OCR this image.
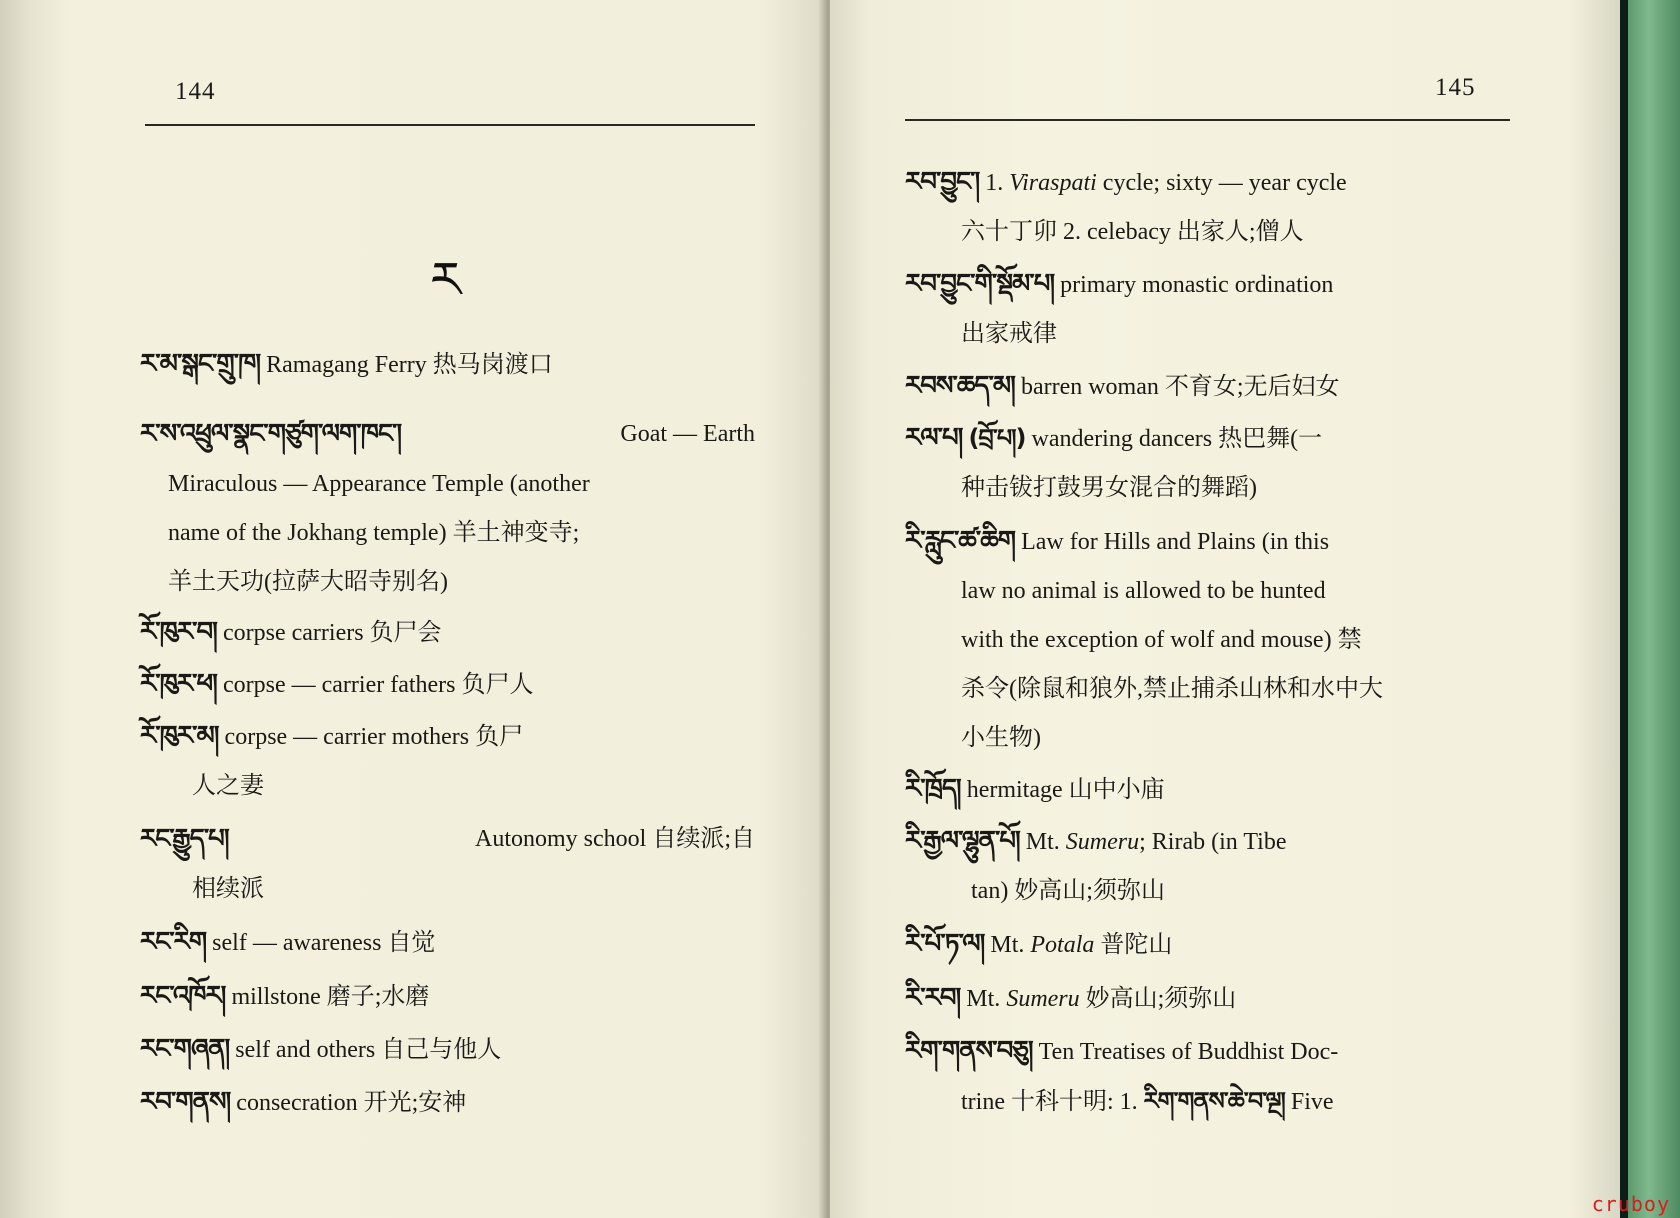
144
ར
ར་མ་སྒང་གྲུ་ཁ། Ramagang Ferry 热马岗渡口
ར་ས་འཕྲུལ་སྣང་གཙུག་ལག་ཁང་།	Goat — Earth
Miraculous — Appearance Temple (another
name of the Jokhang temple) 羊土神变寺;
羊土天功(拉萨大昭寺别名)
རོ་ཁུར་བ། corpse carriers 负尸会
རོ་ཁུར་ཕ། corpse — carrier fathers 负尸人
རོ་ཁུར་མ། corpse — carrier mothers 负尸
人之妻
རང་རྒྱུད་པ།	Autonomy school 自续派;自
相续派
རང་རིག self — awareness 自觉
རང་འཁོར། millstone 磨子;水磨
རང་གཞན། self and others 自己与他人
རབ་གནས། consecration 开光;安神
145
རབ་བྱུང་། 1. Viraspati cycle; sixty — year cycle
六十丁卯 2. celebacy 出家人;僧人
རབ་བྱུང་གི་སྡོམ་པ། primary monastic ordination
出家戒律
རབས་ཆད་མ། barren woman 不育女;无后妇女
རལ་པ། (བྲོ་པ།) wandering dancers 热巴舞(一
种击钹打鼓男女混合的舞蹈)
རི་རླུང་ཚ་ཆིག Law for Hills and Plains (in this
law no animal is allowed to be hunted
with the exception of wolf and mouse) 禁
杀令(除鼠和狼外,禁止捕杀山林和水中大
小生物)
རི་ཁྲོད། hermitage 山中小庙
རི་རྒྱལ་ལྷུན་པོ། Mt. Sumeru; Rirab (in Tibe
tan) 妙高山;须弥山
རི་པོ་ཏ་ལ། Mt. Potala 普陀山
རི་རབ། Mt. Sumeru 妙高山;须弥山
རིག་གནས་བཅུ། Ten Treatises of Buddhist Doc-
trine 十科十明: 1. རིག་གནས་ཆེ་བ་ལྔ། Five
cruboy
